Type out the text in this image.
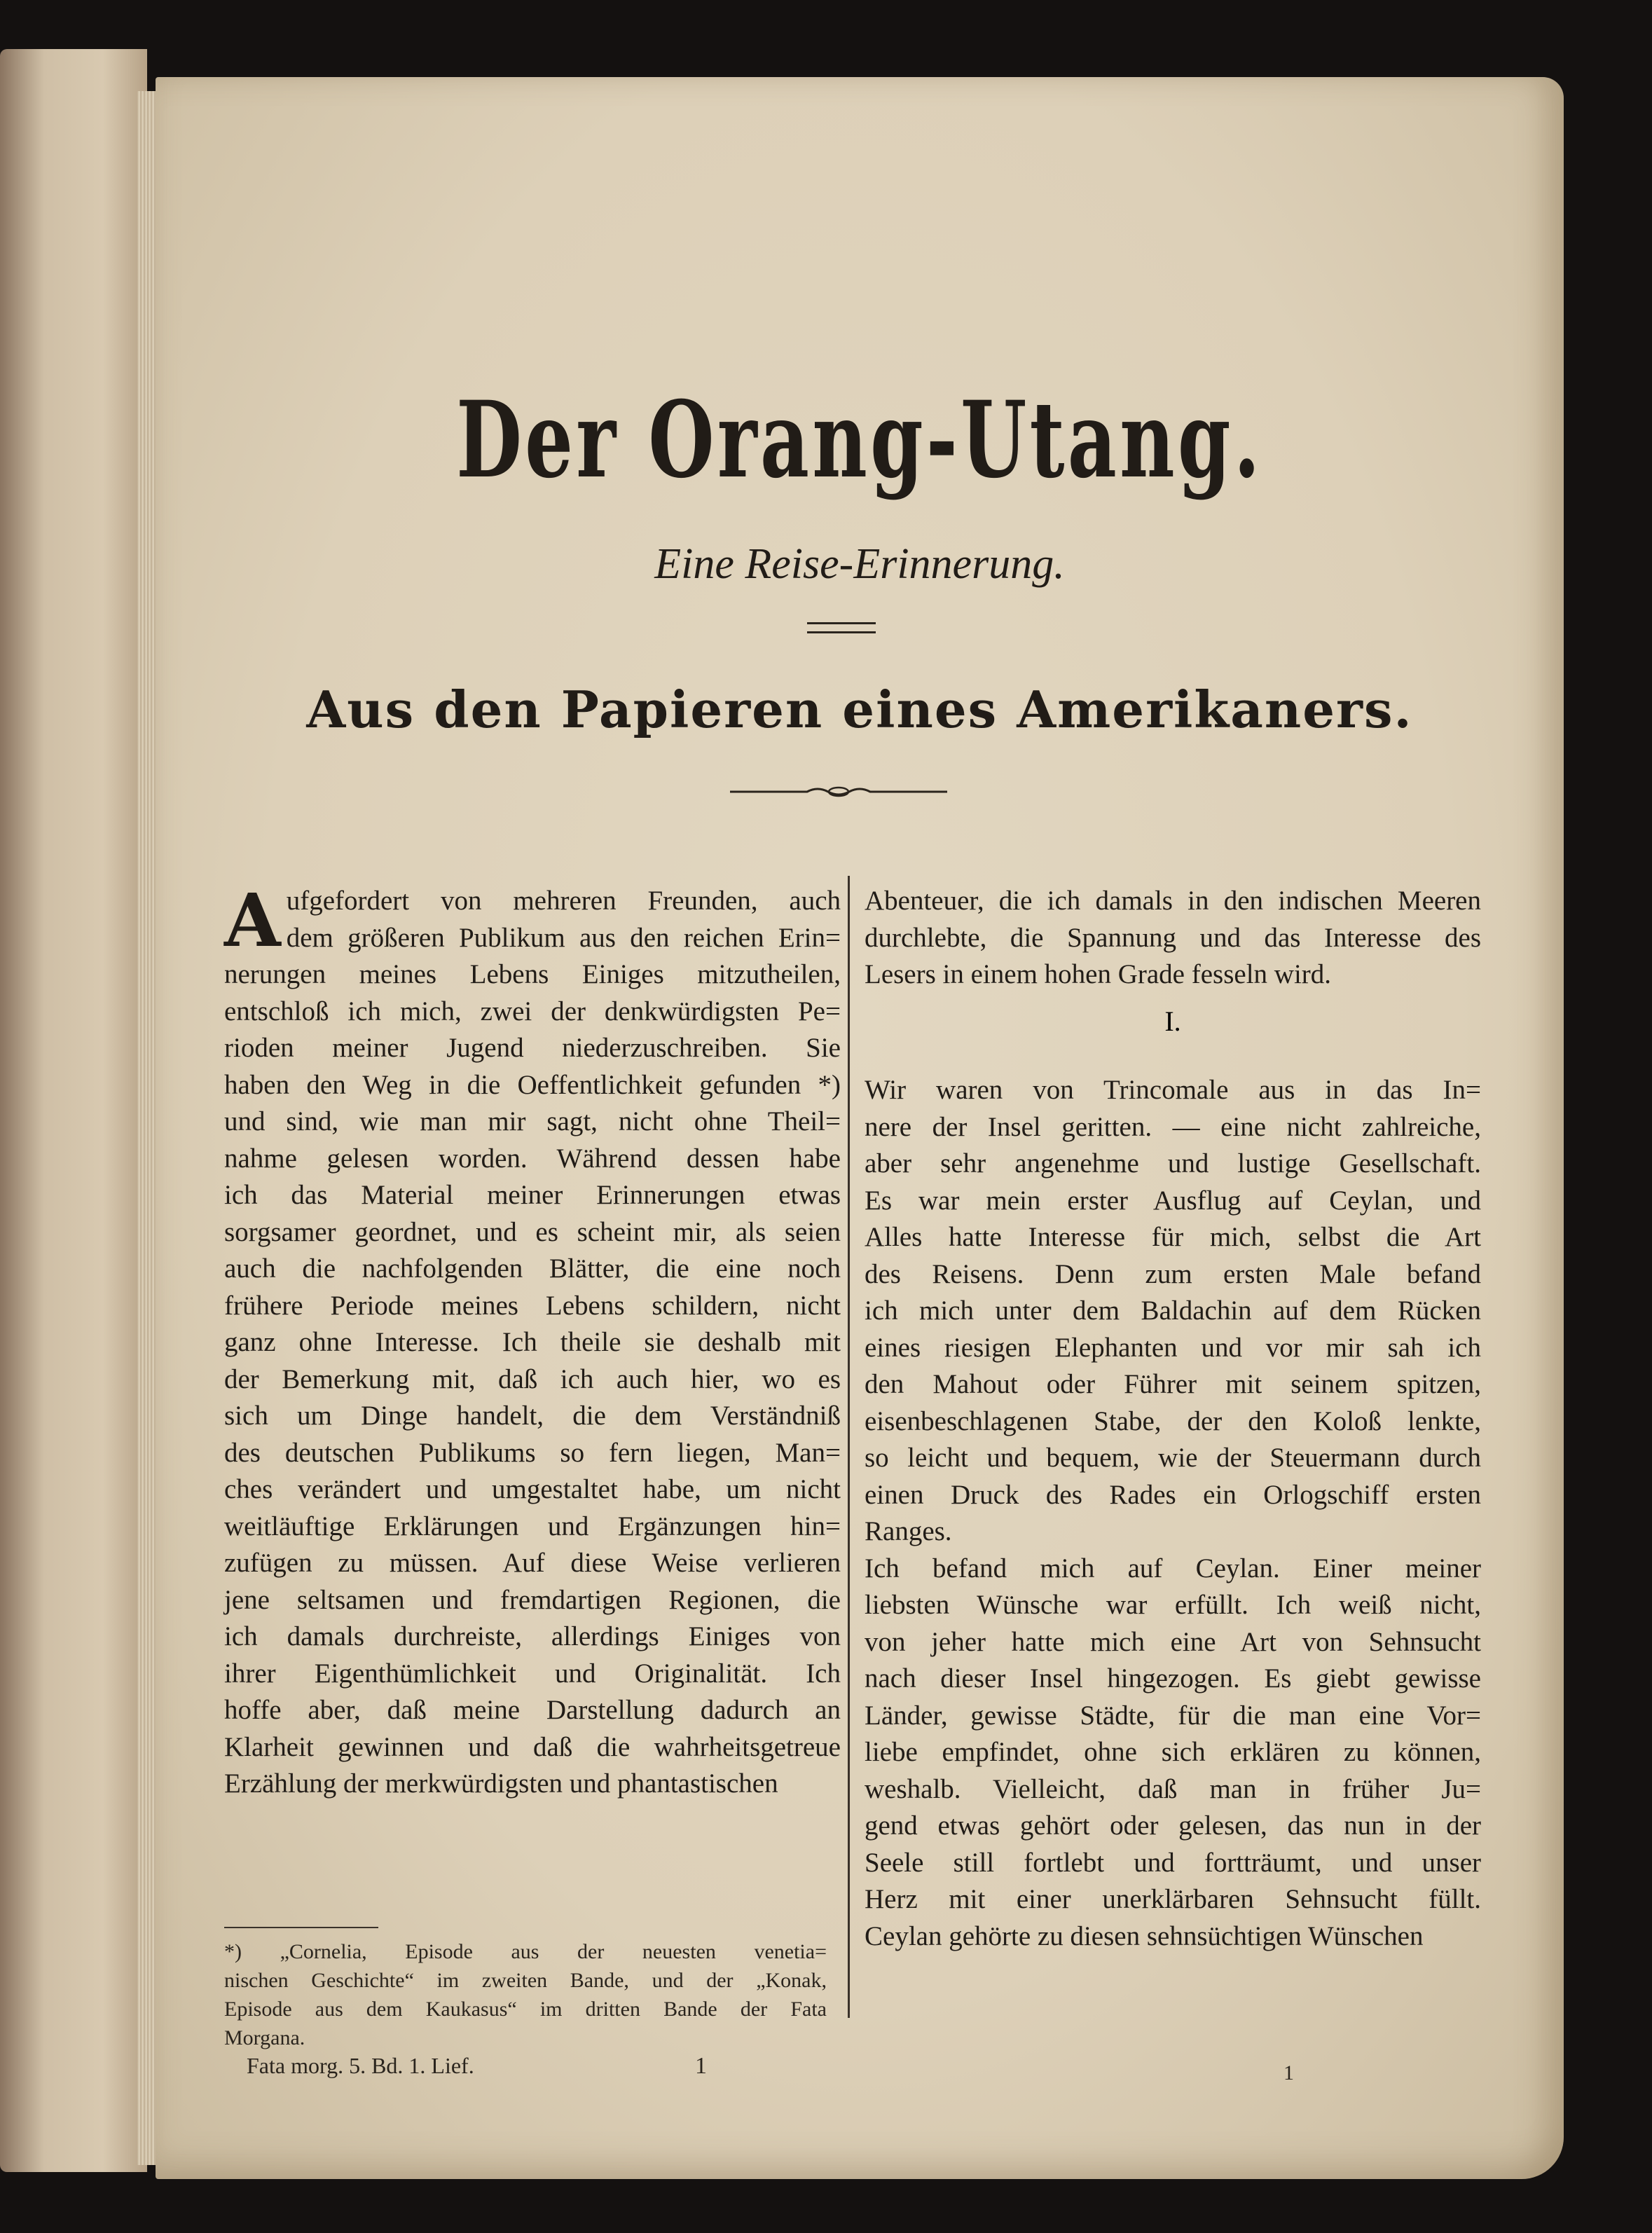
Der Orang-Utang.
Eine Reise-Erinnerung.
Aus den Papieren eines Amerikaners.
A ufgefordert von mehreren Freunden, auch
dem größeren Publikum aus den reichen Erin=
nerungen meines Lebens Einiges mitzutheilen,
entschloß ich mich, zwei der denkwürdigsten Pe=
rioden meiner Jugend niederzuschreiben. Sie
haben den Weg in die Oeffentlichkeit gefunden *)
und sind, wie man mir sagt, nicht ohne Theil=
nahme gelesen worden. Während dessen habe
ich das Material meiner Erinnerungen etwas
sorgsamer geordnet, und es scheint mir, als seien
auch die nachfolgenden Blätter, die eine noch
frühere Periode meines Lebens schildern, nicht
ganz ohne Interesse. Ich theile sie deshalb mit
der Bemerkung mit, daß ich auch hier, wo es
sich um Dinge handelt, die dem Verständniß
des deutschen Publikums so fern liegen, Man=
ches verändert und umgestaltet habe, um nicht
weitläuftige Erklärungen und Ergänzungen hin=
zufügen zu müssen. Auf diese Weise verlieren
jene seltsamen und fremdartigen Regionen, die
ich damals durchreiste, allerdings Einiges von
ihrer Eigenthümlichkeit und Originalität. Ich
hoffe aber, daß meine Darstellung dadurch an
Klarheit gewinnen und daß die wahrheitsgetreue
Erzählung der merkwürdigsten und phantastischen
Abenteuer, die ich damals in den indischen Meeren
durchlebte, die Spannung und das Interesse des
Lesers in einem hohen Grade fesseln wird.
I.
Wir waren von Trincomale aus in das In=
nere der Insel geritten. — eine nicht zahlreiche,
aber sehr angenehme und lustige Gesellschaft.
Es war mein erster Ausflug auf Ceylan, und
Alles hatte Interesse für mich, selbst die Art
des Reisens. Denn zum ersten Male befand
ich mich unter dem Baldachin auf dem Rücken
eines riesigen Elephanten und vor mir sah ich
den Mahout oder Führer mit seinem spitzen,
eisenbeschlagenen Stabe, der den Koloß lenkte,
so leicht und bequem, wie der Steuermann durch
einen Druck des Rades ein Orlogschiff ersten
Ranges.
Ich befand mich auf Ceylan. Einer meiner
liebsten Wünsche war erfüllt. Ich weiß nicht,
von jeher hatte mich eine Art von Sehnsucht
nach dieser Insel hingezogen. Es giebt gewisse
Länder, gewisse Städte, für die man eine Vor=
liebe empfindet, ohne sich erklären zu können,
weshalb. Vielleicht, daß man in früher Ju=
gend etwas gehört oder gelesen, das nun in der
Seele still fortlebt und fortträumt, und unser
Herz mit einer unerklärbaren Sehnsucht füllt.
Ceylan gehörte zu diesen sehnsüchtigen Wünschen
*) „Cornelia, Episode aus der neuesten venetia=
nischen Geschichte“ im zweiten Bande, und der „Konak,
Episode aus dem Kaukasus“ im dritten Bande der Fata
Morgana.
Fata morg. 5. Bd. 1. Lief.	1	1
